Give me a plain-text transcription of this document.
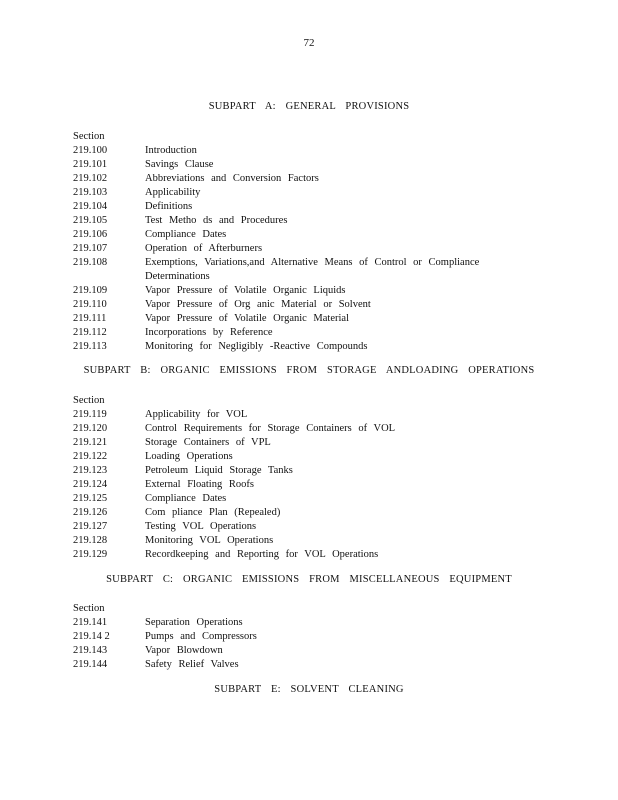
72
SUBPART A: GENERAL PROVISIONS
Section
219.100	Introduction
219.101	Savings Clause
219.102	Abbreviations and Conversion Factors
219.103	Applicability
219.104	Definitions
219.105	Test Metho ds and Procedures
219.106	Compliance Dates
219.107	Operation of Afterburners
219.108	Exemptions, Variations,and Alternative Means of Control or Compliance Determinations
219.109	Vapor Pressure of Volatile Organic Liquids
219.110	Vapor Pressure of Org anic Material or Solvent
219.111	Vapor Pressure of Volatile Organic Material
219.112	Incorporations by Reference
219.113	Monitoring for Negligibly -Reactive Compounds
SUBPART B: ORGANIC EMISSIONS FROM STORAGE ANDLOADING OPERATIONS
Section
219.119	Applicability for VOL
219.120	Control Requirements for Storage Containers of VOL
219.121	Storage Containers of VPL
219.122	Loading Operations
219.123	Petroleum Liquid Storage Tanks
219.124	External Floating Roofs
219.125	Compliance Dates
219.126	Com pliance Plan (Repealed)
219.127	Testing VOL Operations
219.128	Monitoring VOL Operations
219.129	Recordkeeping and Reporting for VOL Operations
SUBPART C: ORGANIC EMISSIONS FROM MISCELLANEOUS EQUIPMENT
Section
219.141	Separation Operations
219.14 2	Pumps and Compressors
219.143	Vapor Blowdown
219.144	Safety Relief Valves
SUBPART E: SOLVENT CLEANING
